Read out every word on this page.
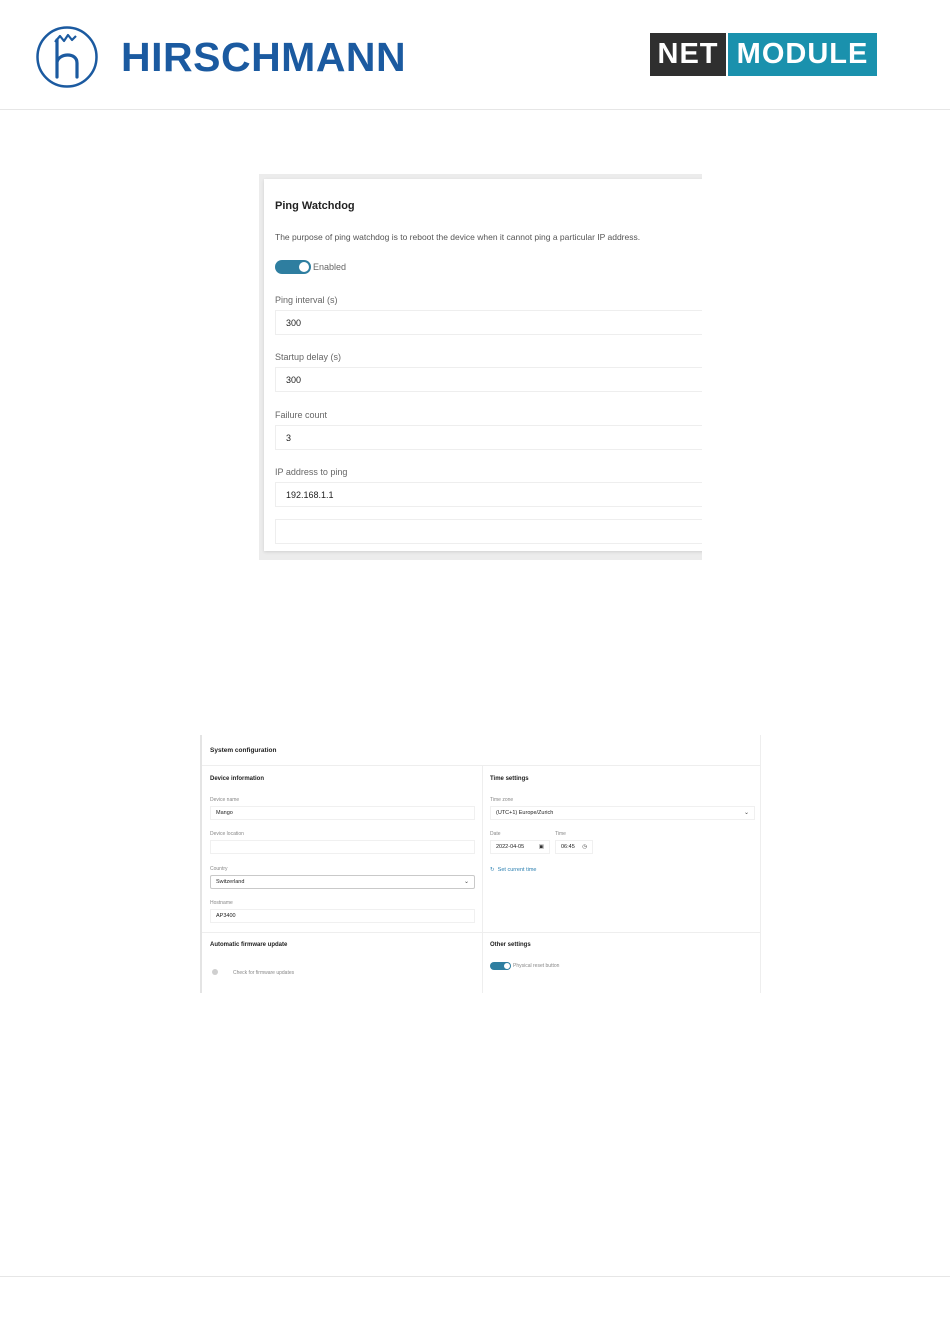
HIRSCHMANN	NET MODULE
Ping Watchdog
The purpose of ping watchdog is to reboot the device when it cannot ping a particular IP address.
Enabled
Ping interval (s)
300
Startup delay (s)
300
Failure count
3
IP address to ping
192.168.1.1
System configuration
Device information
Device name
Mango
Device location
Country
Switzerland	⌄
Hostname
AP3400
Time settings
Time zone
(UTC+1) Europe/Zurich	⌄
Date
2022-04-05	▣
Time
06:45 ◷
↻ Set current time
Automatic firmware update
Check for firmware updates
Other settings
Physical reset button
